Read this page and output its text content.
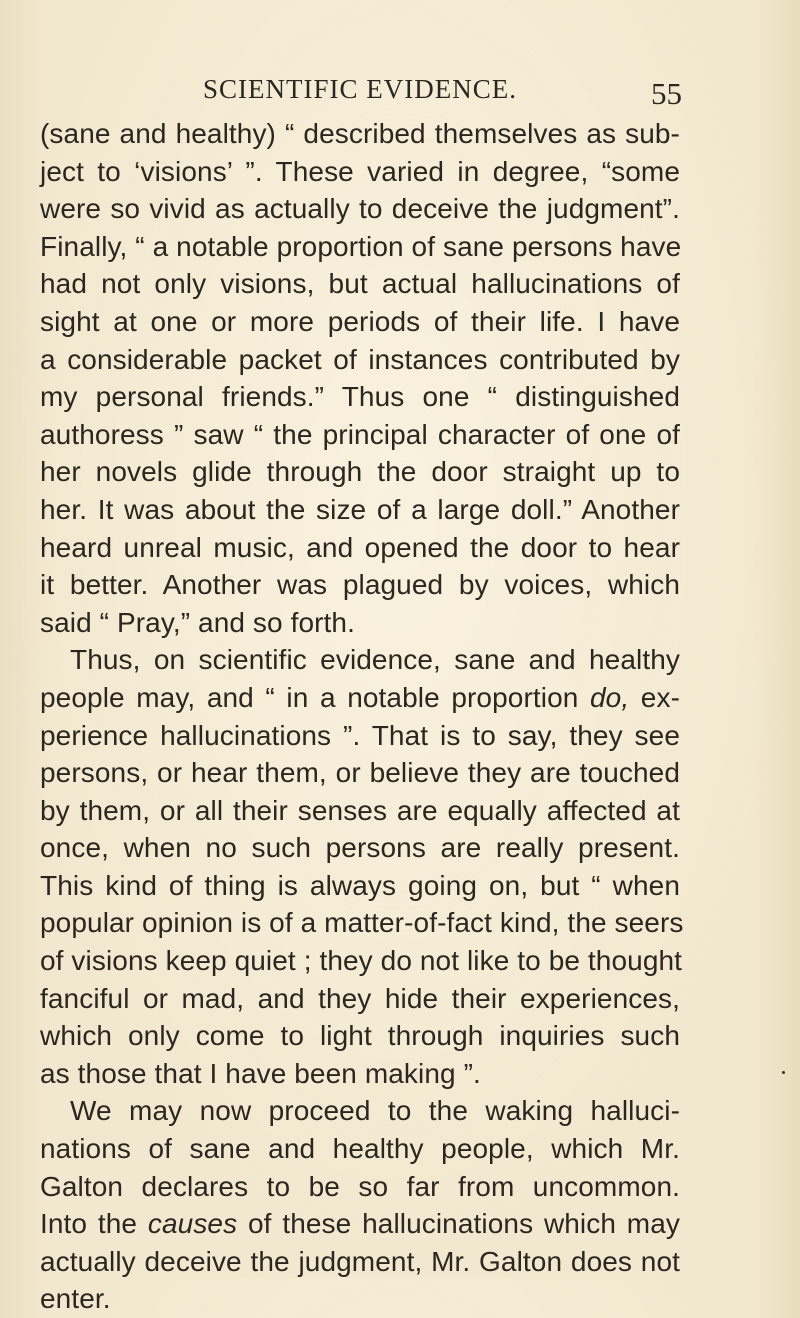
SCIENTIFIC EVIDENCE.	55
(sane and healthy) “ described themselves as sub-
ject to ‘visions’ ”. These varied in degree, “some
were so vivid as actually to deceive the judgment”.
Finally, “ a notable proportion of sane persons have
had not only visions, but actual hallucinations of
sight at one or more periods of their life. I have
a considerable packet of instances contributed by
my personal friends.” Thus one “ distinguished
authoress ” saw “ the principal character of one of
her novels glide through the door straight up to
her. It was about the size of a large doll.” Another
heard unreal music, and opened the door to hear
it better. Another was plagued by voices, which
said “ Pray,” and so forth.
Thus, on scientific evidence, sane and healthy
people may, and “ in a notable proportion do, ex-
perience hallucinations ”. That is to say, they see
persons, or hear them, or believe they are touched
by them, or all their senses are equally affected at
once, when no such persons are really present.
This kind of thing is always going on, but “ when
popular opinion is of a matter-of-fact kind, the seers
of visions keep quiet ; they do not like to be thought
fanciful or mad, and they hide their experiences,
which only come to light through inquiries such
as those that I have been making ”.
We may now proceed to the waking halluci-
nations of sane and healthy people, which Mr.
Galton declares to be so far from uncommon.
Into the causes of these hallucinations which may
actually deceive the judgment, Mr. Galton does not
enter.
